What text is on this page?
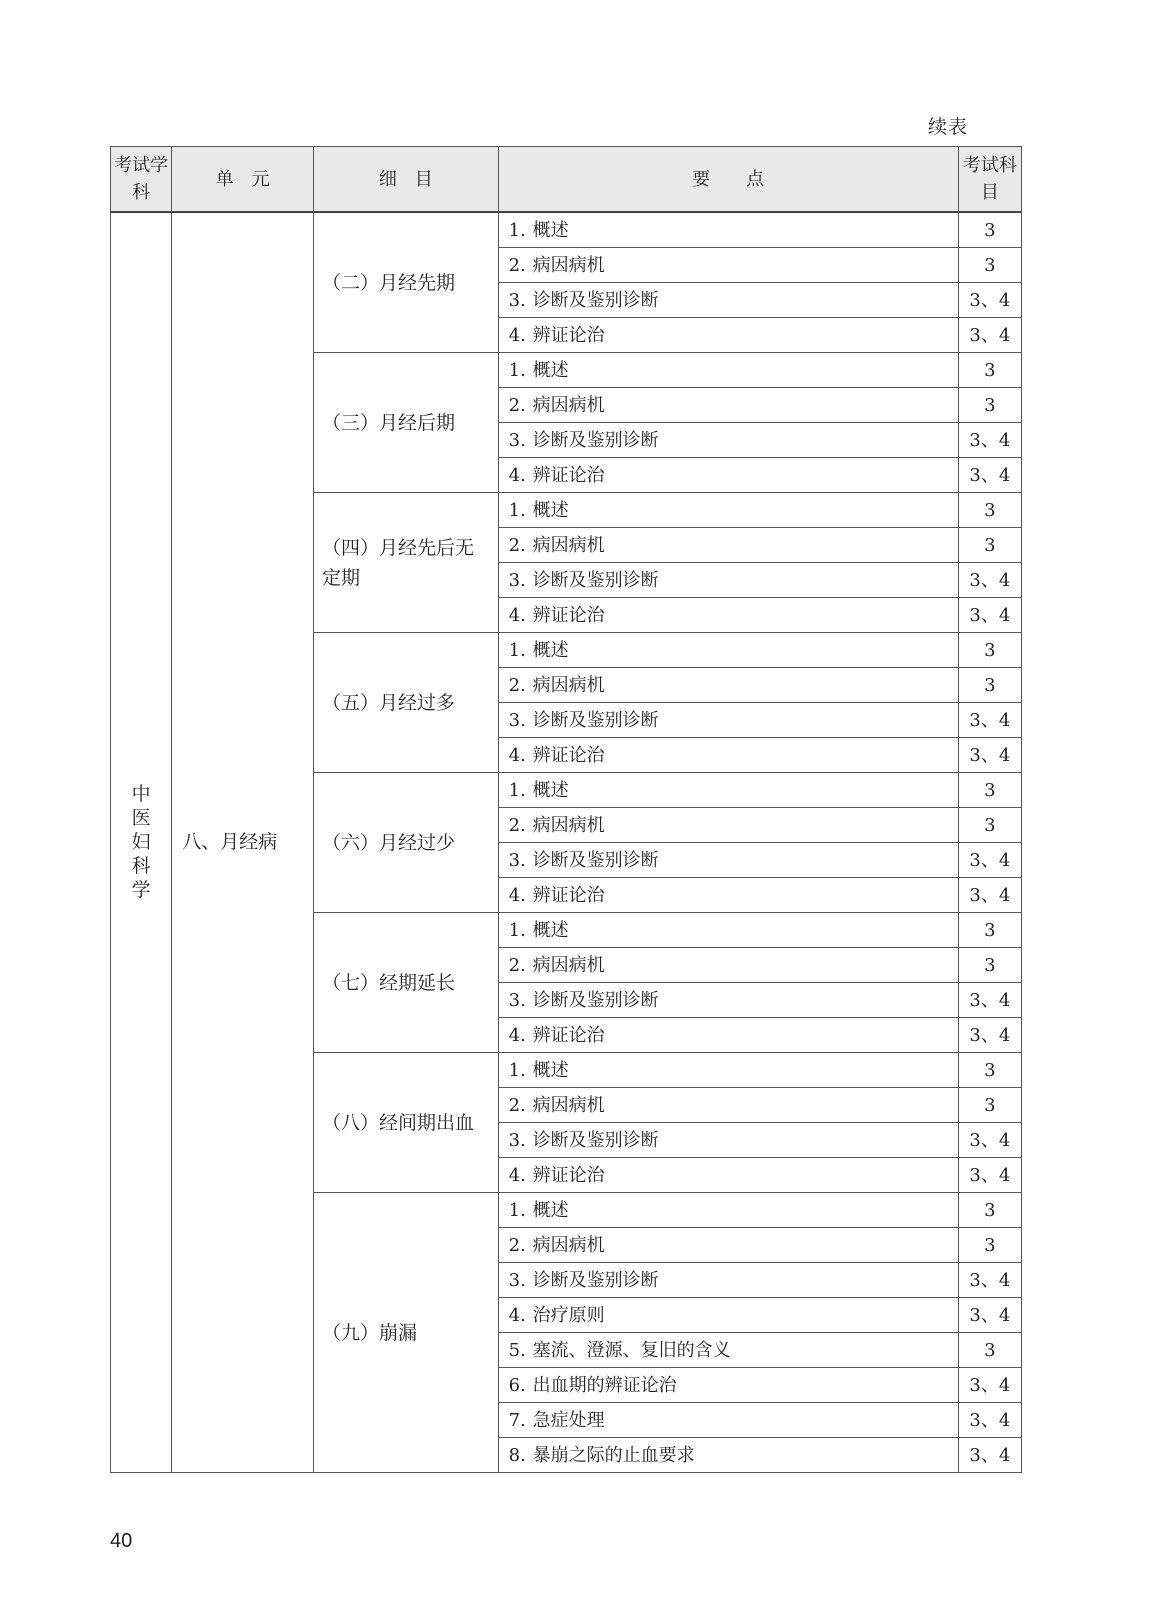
续表
考试学科	单　元	细　目	要　　点	考试科目
中医妇科学	八、月经病	（二）月经先期	1. 概述	3
			2. 病因病机	3
			3. 诊断及鉴别诊断	3、4
			4. 辨证论治	3、4
		（三）月经后期	1. 概述	3
			2. 病因病机	3
			3. 诊断及鉴别诊断	3、4
			4. 辨证论治	3、4
		（四）月经先后无定期	1. 概述	3
			2. 病因病机	3
			3. 诊断及鉴别诊断	3、4
			4. 辨证论治	3、4
		（五）月经过多	1. 概述	3
			2. 病因病机	3
			3. 诊断及鉴别诊断	3、4
			4. 辨证论治	3、4
		（六）月经过少	1. 概述	3
			2. 病因病机	3
			3. 诊断及鉴别诊断	3、4
			4. 辨证论治	3、4
		（七）经期延长	1. 概述	3
			2. 病因病机	3
			3. 诊断及鉴别诊断	3、4
			4. 辨证论治	3、4
		（八）经间期出血	1. 概述	3
			2. 病因病机	3
			3. 诊断及鉴别诊断	3、4
			4. 辨证论治	3、4
		（九）崩漏	1. 概述	3
			2. 病因病机	3
			3. 诊断及鉴别诊断	3、4
			4. 治疗原则	3、4
			5. 塞流、澄源、复旧的含义	3
			6. 出血期的辨证论治	3、4
			7. 急症处理	3、4
			8. 暴崩之际的止血要求	3、4
40
